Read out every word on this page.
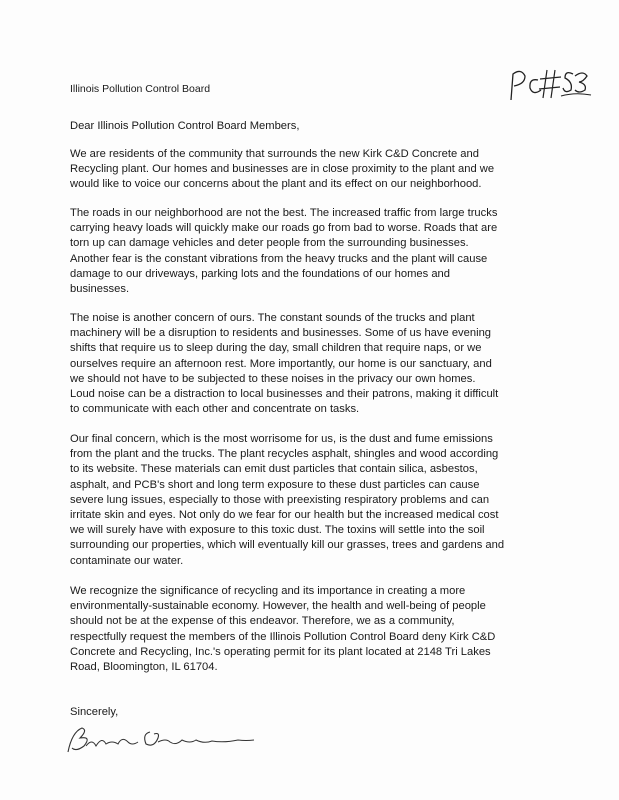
Illinois Pollution Control Board
Dear Illinois Pollution Control Board Members,
We are residents of the community that surrounds the new Kirk C&D Concrete and
Recycling plant. Our homes and businesses are in close proximity to the plant and we
would like to voice our concerns about the plant and its effect on our neighborhood.
The roads in our neighborhood are not the best. The increased traffic from large trucks
carrying heavy loads will quickly make our roads go from bad to worse. Roads that are
torn up can damage vehicles and deter people from the surrounding businesses.
Another fear is the constant vibrations from the heavy trucks and the plant will cause
damage to our driveways, parking lots and the foundations of our homes and
businesses.
The noise is another concern of ours. The constant sounds of the trucks and plant
machinery will be a disruption to residents and businesses. Some of us have evening
shifts that require us to sleep during the day, small children that require naps, or we
ourselves require an afternoon rest. More importantly, our home is our sanctuary, and
we should not have to be subjected to these noises in the privacy our own homes.
Loud noise can be a distraction to local businesses and their patrons, making it difficult
to communicate with each other and concentrate on tasks.
Our final concern, which is the most worrisome for us, is the dust and fume emissions
from the plant and the trucks. The plant recycles asphalt, shingles and wood according
to its website. These materials can emit dust particles that contain silica, asbestos,
asphalt, and PCB's short and long term exposure to these dust particles can cause
severe lung issues, especially to those with preexisting respiratory problems and can
irritate skin and eyes. Not only do we fear for our health but the increased medical cost
we will surely have with exposure to this toxic dust. The toxins will settle into the soil
surrounding our properties, which will eventually kill our grasses, trees and gardens and
contaminate our water.
We recognize the significance of recycling and its importance in creating a more
environmentally-sustainable economy. However, the health and well-being of people
should not be at the expense of this endeavor. Therefore, we as a community,
respectfully request the members of the Illinois Pollution Control Board deny Kirk C&D
Concrete and Recycling, Inc.'s operating permit for its plant located at 2148 Tri Lakes
Road, Bloomington, IL 61704.
Sincerely,
